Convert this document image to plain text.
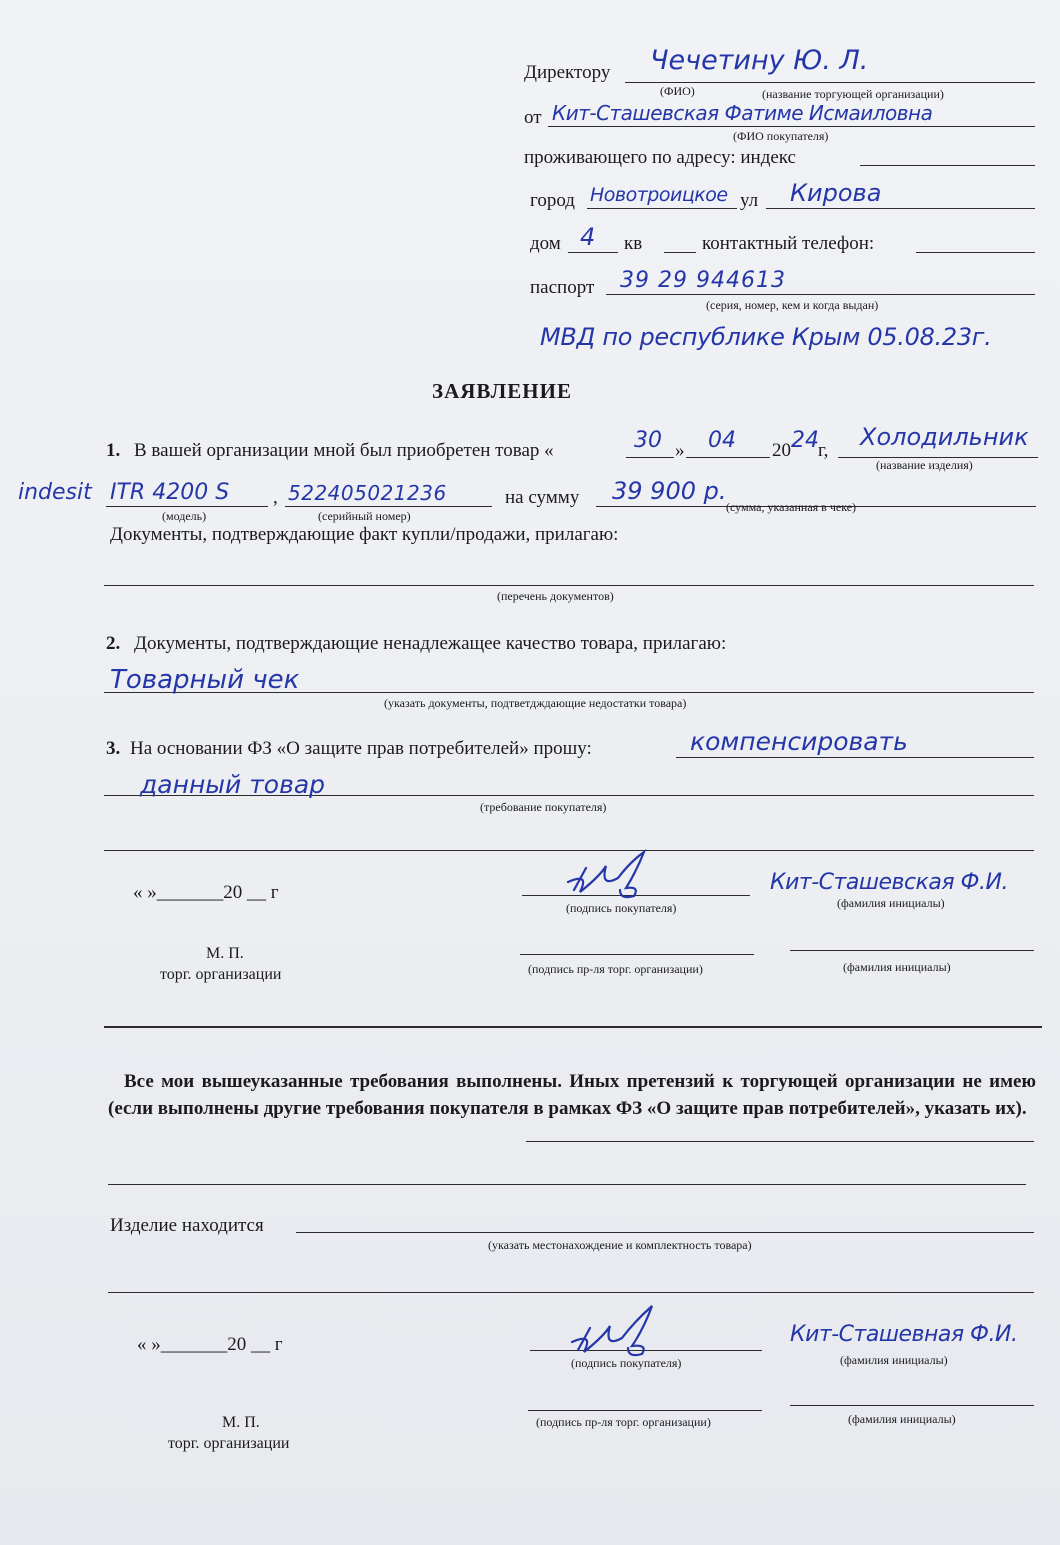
Директору Чечетину Ю. Л.
(ФИО)	(название торгующей организации)
от Кит-Сташевская Фатиме Исмаиловна
(ФИО покупателя)
проживающего по адресу: индекс
город Новотроицкое ул Кирова
дом 4 кв	контактный телефон:
паспорт 39 29 944613
(серия, номер, кем и когда выдан)
МВД по республике Крым 05.08.23г.
ЗАЯВЛЕНИЕ
1. В вашей организации мной был приобретен товар «	30 » 04 20 24 г, Холодильник
(название изделия)
indesit ITR 4200 S , 522405021236	на сумму 39 900 р.
(модель)	(серийный номер)
(сумма, указанная в чеке)
Документы, подтверждающие факт купли/продажи, прилагаю:
(перечень документов)
2. Документы, подтверждающие ненадлежащее качество товара, прилагаю:
Товарный чек
(указать документы, подтветдждающие недостатки товара)
3. На основании ФЗ «О защите прав потребителей» прошу:	компенсировать
данный товар
(требование покупателя)
« »_______20 __ г	Кит-Сташевская Ф.И.
(подпись покупателя)	(фамилия инициалы)
М. П.
торг. организации	(подпись пр-ля торг. организации)	(фамилия инициалы)
Все мои вышеуказанные требования выполнены. Иных претензий к торгующей организации не имею (если выполнены другие требования покупателя в рамках ФЗ «О защите прав потребителей», указать их).
Изделие находится
(указать местонахождение и комплектность товара)
« »_______20 __ г	Кит-Сташевная Ф.И.
(подпись покупателя)	(фамилия инициалы)
М. П.
торг. организации
(подпись пр-ля торг. организации)	(фамилия инициалы)
